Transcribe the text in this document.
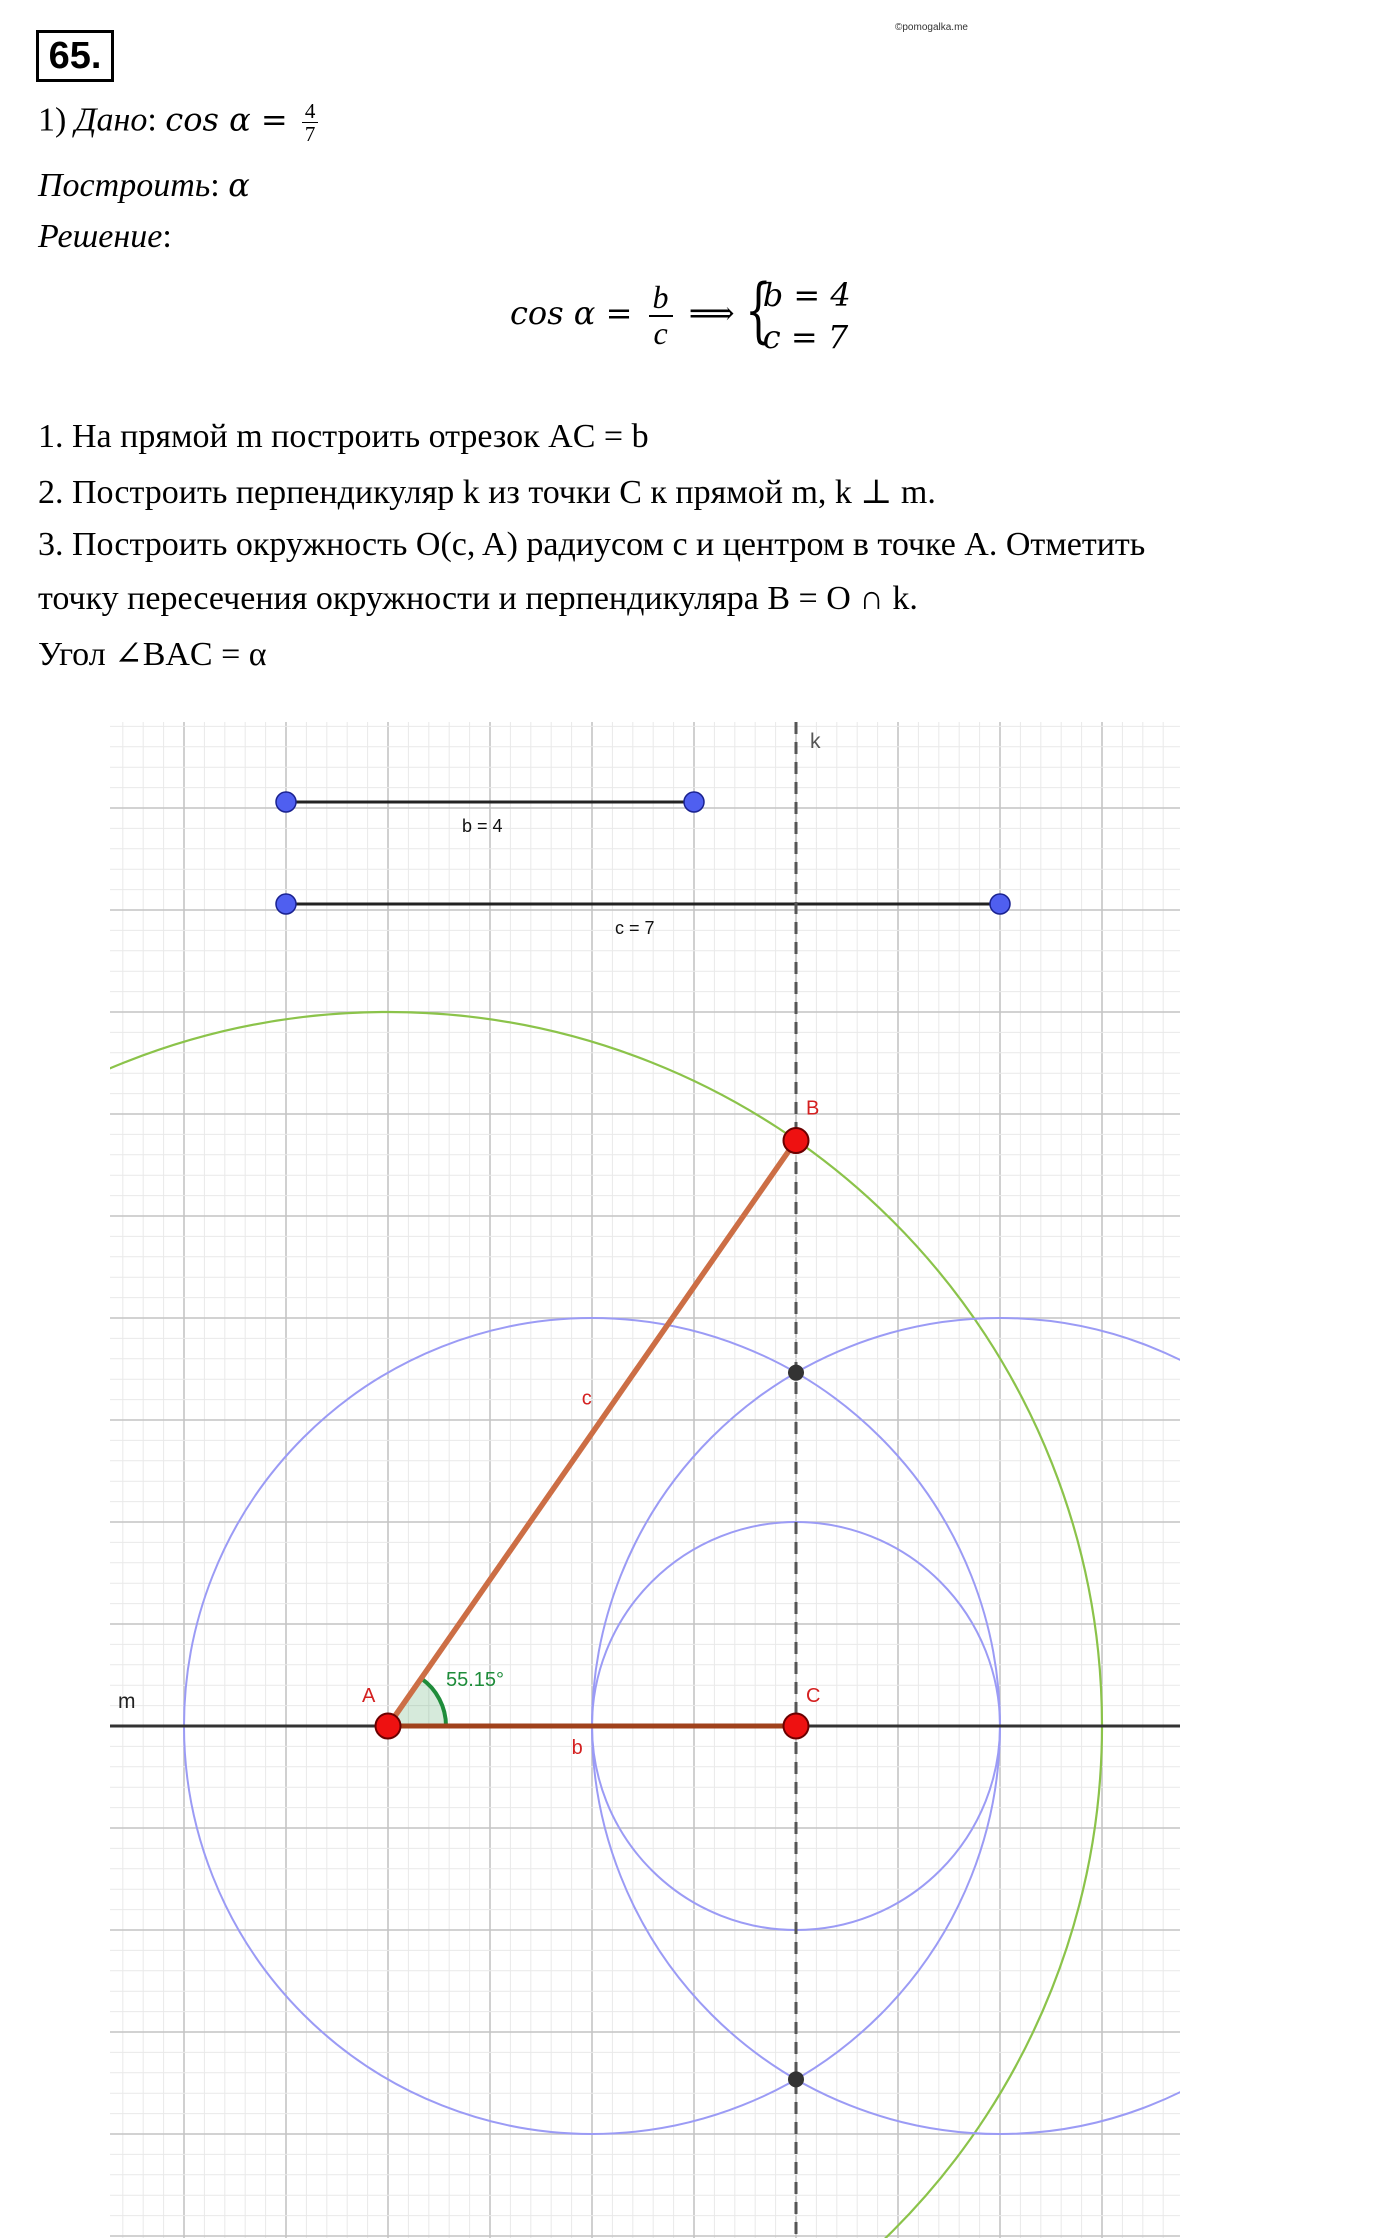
65.
©pomogalka.me
1) Дано: $\cos \alpha = \frac{4}{7}$
Построить: α
Решение:
$\cos \alpha = \frac{b}{c}$ ⟹ {
b = 4
c = 7
1. На прямой m построить отрезок AC = b
2. Построить перпендикуляр k из точки C к прямой m, k ⊥ m.
3. Построить окружность O(c, A) радиусом c и центром в точке A. Отметить
точку пересечения окружности и перпендикуляра B = O ∩ k.
Угол ∠BAC = α
b = 4
c = 7
m
k
55.15°
c
b
A	C
B
